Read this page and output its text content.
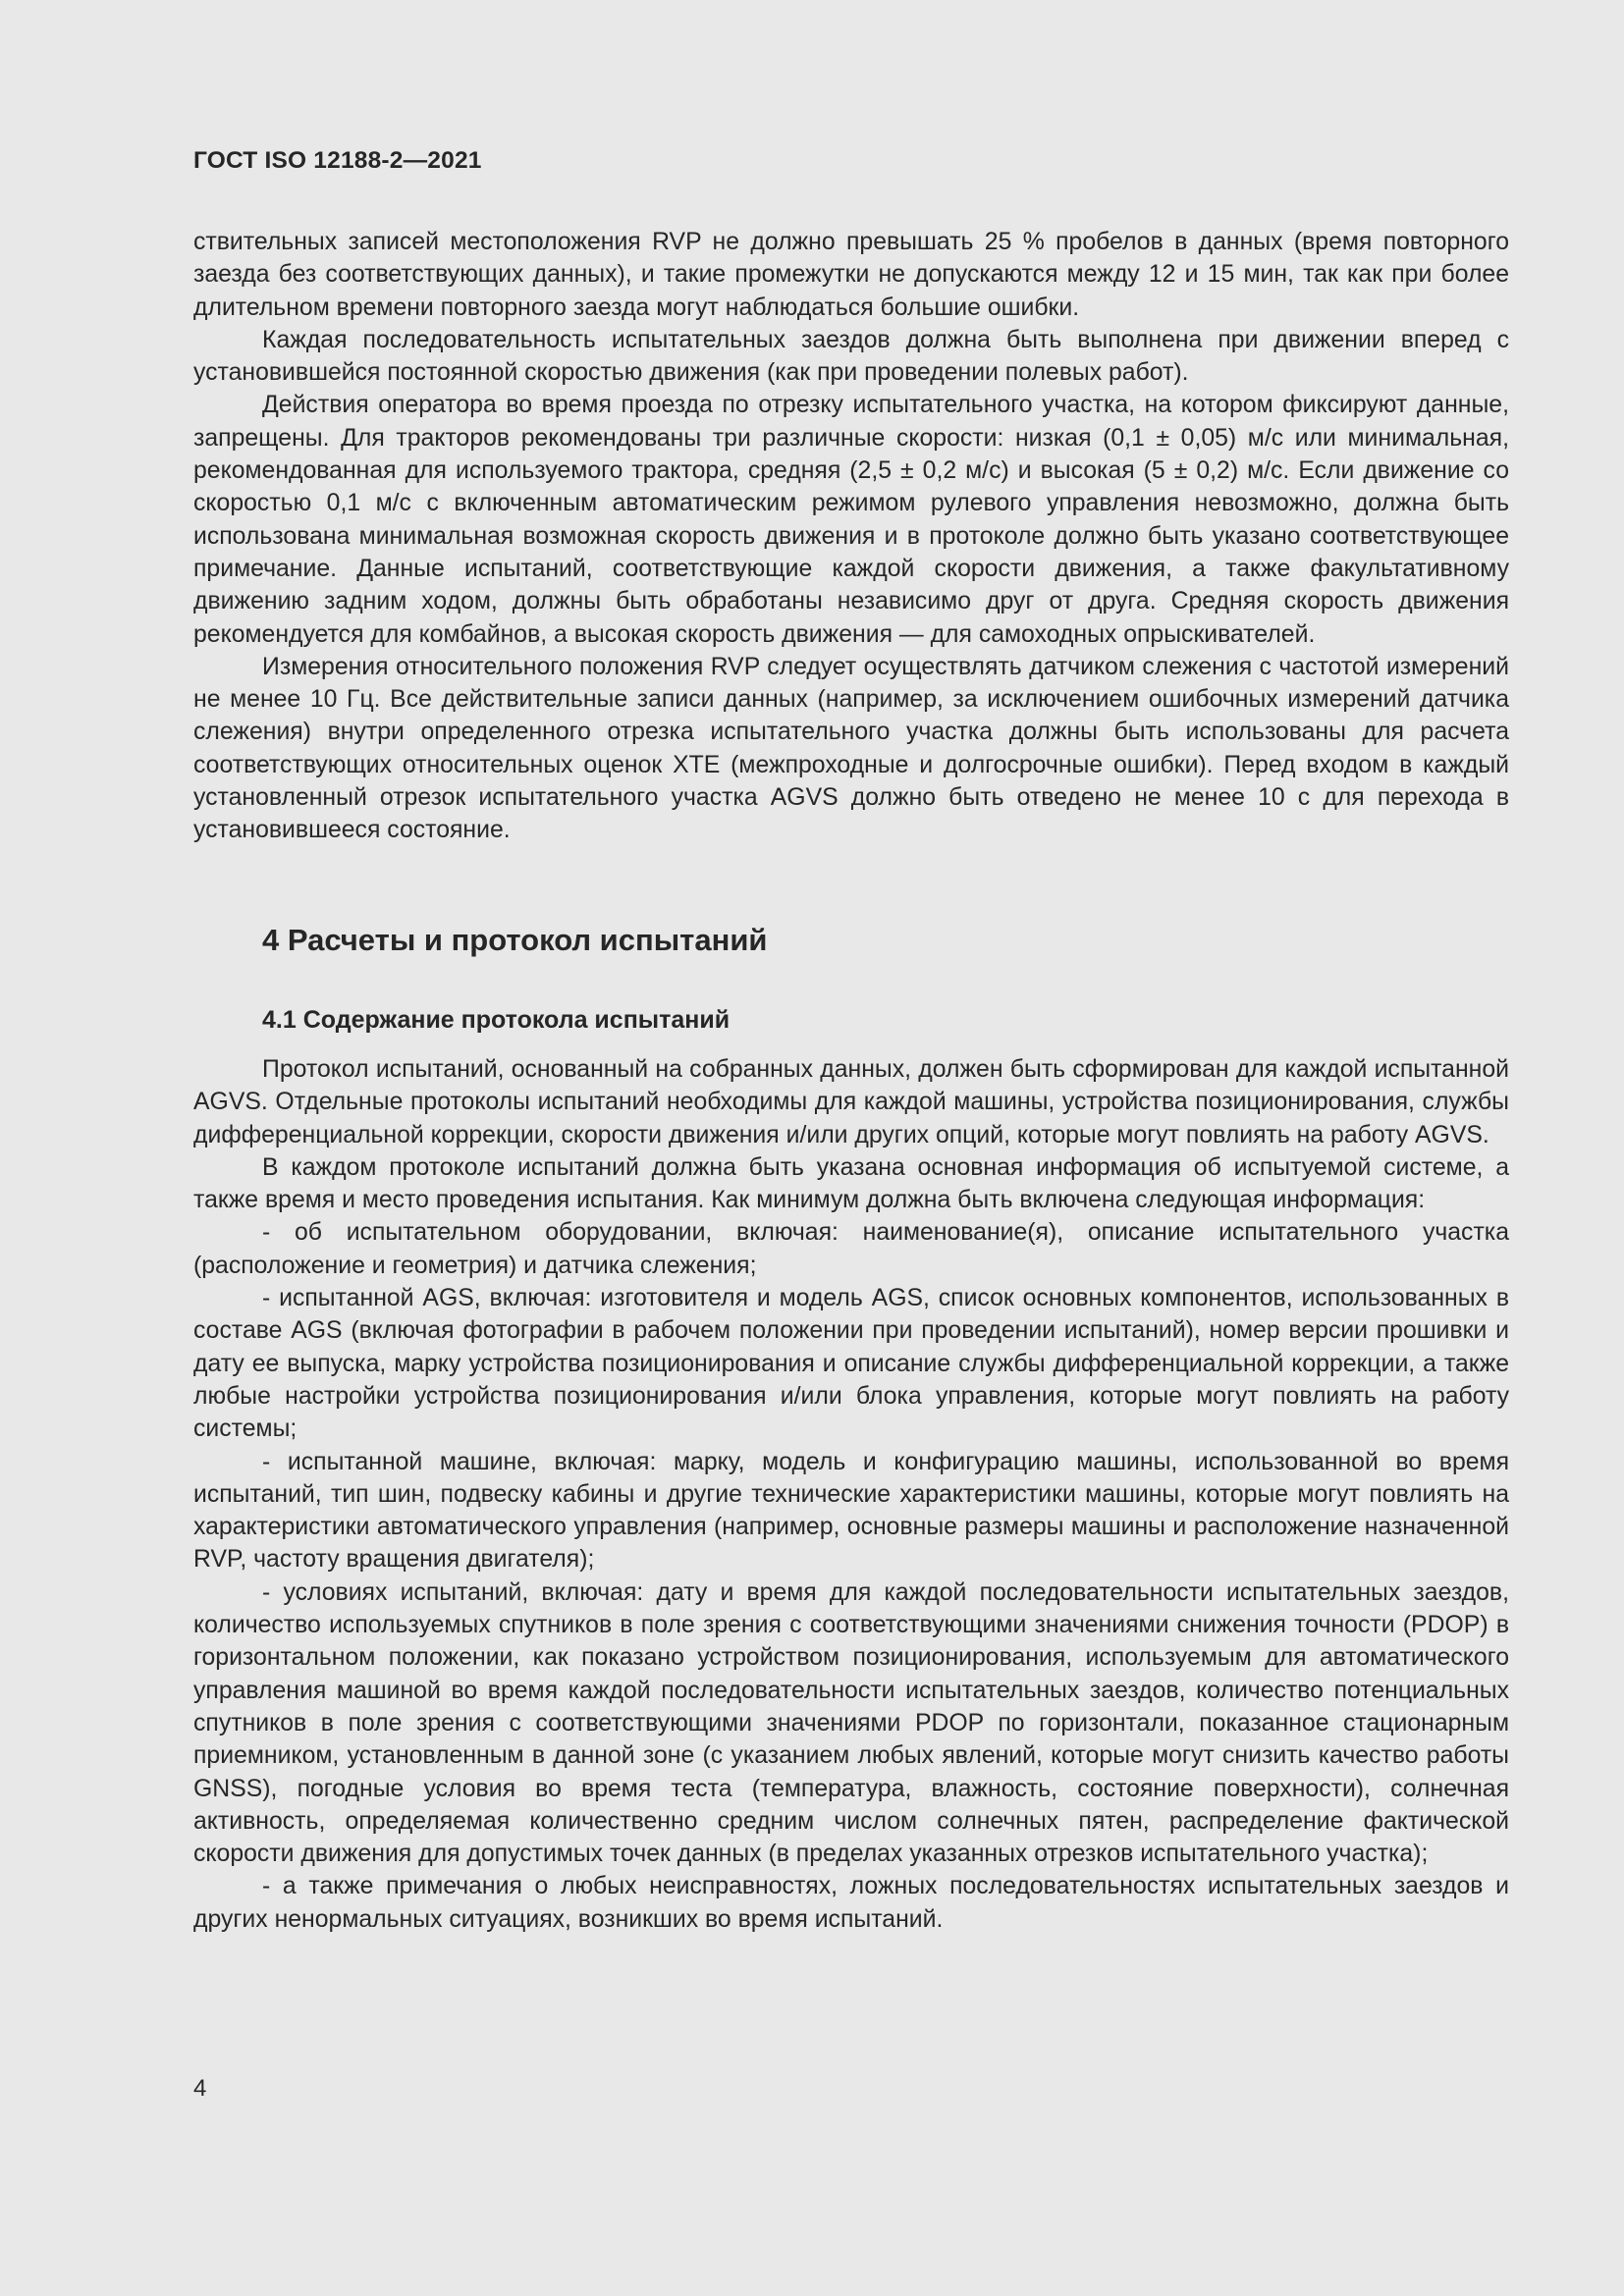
ГОСТ ISO 12188-2—2021

ствительных записей местоположения RVP не должно превышать 25 % пробелов в данных (время повторного заезда без соответствующих данных), и такие промежутки не допускаются между 12 и 15 мин, так как при более длительном времени повторного заезда могут наблюдаться большие ошибки.

Каждая последовательность испытательных заездов должна быть выполнена при движении вперед с установившейся постоянной скоростью движения (как при проведении полевых работ).

Действия оператора во время проезда по отрезку испытательного участка, на котором фиксируют данные, запрещены. Для тракторов рекомендованы три различные скорости: низкая (0,1 ± 0,05) м/с или минимальная, рекомендованная для используемого трактора, средняя (2,5 ± 0,2 м/с) и высокая (5 ± 0,2) м/с. Если движение со скоростью 0,1 м/с с включенным автоматическим режимом рулевого управления невозможно, должна быть использована минимальная возможная скорость движения и в протоколе должно быть указано соответствующее примечание. Данные испытаний, соответствующие каждой скорости движения, а также факультативному движению задним ходом, должны быть обработаны независимо друг от друга. Средняя скорость движения рекомендуется для комбайнов, а высокая скорость движения — для самоходных опрыскивателей.

Измерения относительного положения RVP следует осуществлять датчиком слежения с частотой измерений не менее 10 Гц. Все действительные записи данных (например, за исключением ошибочных измерений датчика слежения) внутри определенного отрезка испытательного участка должны быть использованы для расчета соответствующих относительных оценок XTE (межпроходные и долгосрочные ошибки). Перед входом в каждый установленный отрезок испытательного участка AGVS должно быть отведено не менее 10 с для перехода в установившееся состояние.

4 Расчеты и протокол испытаний
4.1 Содержание протокола испытаний

Протокол испытаний, основанный на собранных данных, должен быть сформирован для каждой испытанной AGVS. Отдельные протоколы испытаний необходимы для каждой машины, устройства позиционирования, службы дифференциальной коррекции, скорости движения и/или других опций, которые могут повлиять на работу AGVS.

В каждом протоколе испытаний должна быть указана основная информация об испытуемой системе, а также время и место проведения испытания. Как минимум должна быть включена следующая информация:

- об испытательном оборудовании, включая: наименование(я), описание испытательного участка (расположение и геометрия) и датчика слежения;

- испытанной AGS, включая: изготовителя и модель AGS, список основных компонентов, использованных в составе AGS (включая фотографии в рабочем положении при проведении испытаний), номер версии прошивки и дату ее выпуска, марку устройства позиционирования и описание службы дифференциальной коррекции, а также любые настройки устройства позиционирования и/или блока управления, которые могут повлиять на работу системы;

- испытанной машине, включая: марку, модель и конфигурацию машины, использованной во время испытаний, тип шин, подвеску кабины и другие технические характеристики машины, которые могут повлиять на характеристики автоматического управления (например, основные размеры машины и расположение назначенной RVP, частоту вращения двигателя);

- условиях испытаний, включая: дату и время для каждой последовательности испытательных заездов, количество используемых спутников в поле зрения с соответствующими значениями снижения точности (PDOP) в горизонтальном положении, как показано устройством позиционирования, используемым для автоматического управления машиной во время каждой последовательности испытательных заездов, количество потенциальных спутников в поле зрения с соответствующими значениями PDOP по горизонтали, показанное стационарным приемником, установленным в данной зоне (с указанием любых явлений, которые могут снизить качество работы GNSS), погодные условия во время теста (температура, влажность, состояние поверхности), солнечная активность, определяемая количественно средним числом солнечных пятен, распределение фактической скорости движения для допустимых точек данных (в пределах указанных отрезков испытательного участка);

- а также примечания о любых неисправностях, ложных последовательностях испытательных заездов и других ненормальных ситуациях, возникших во время испытаний.

4
